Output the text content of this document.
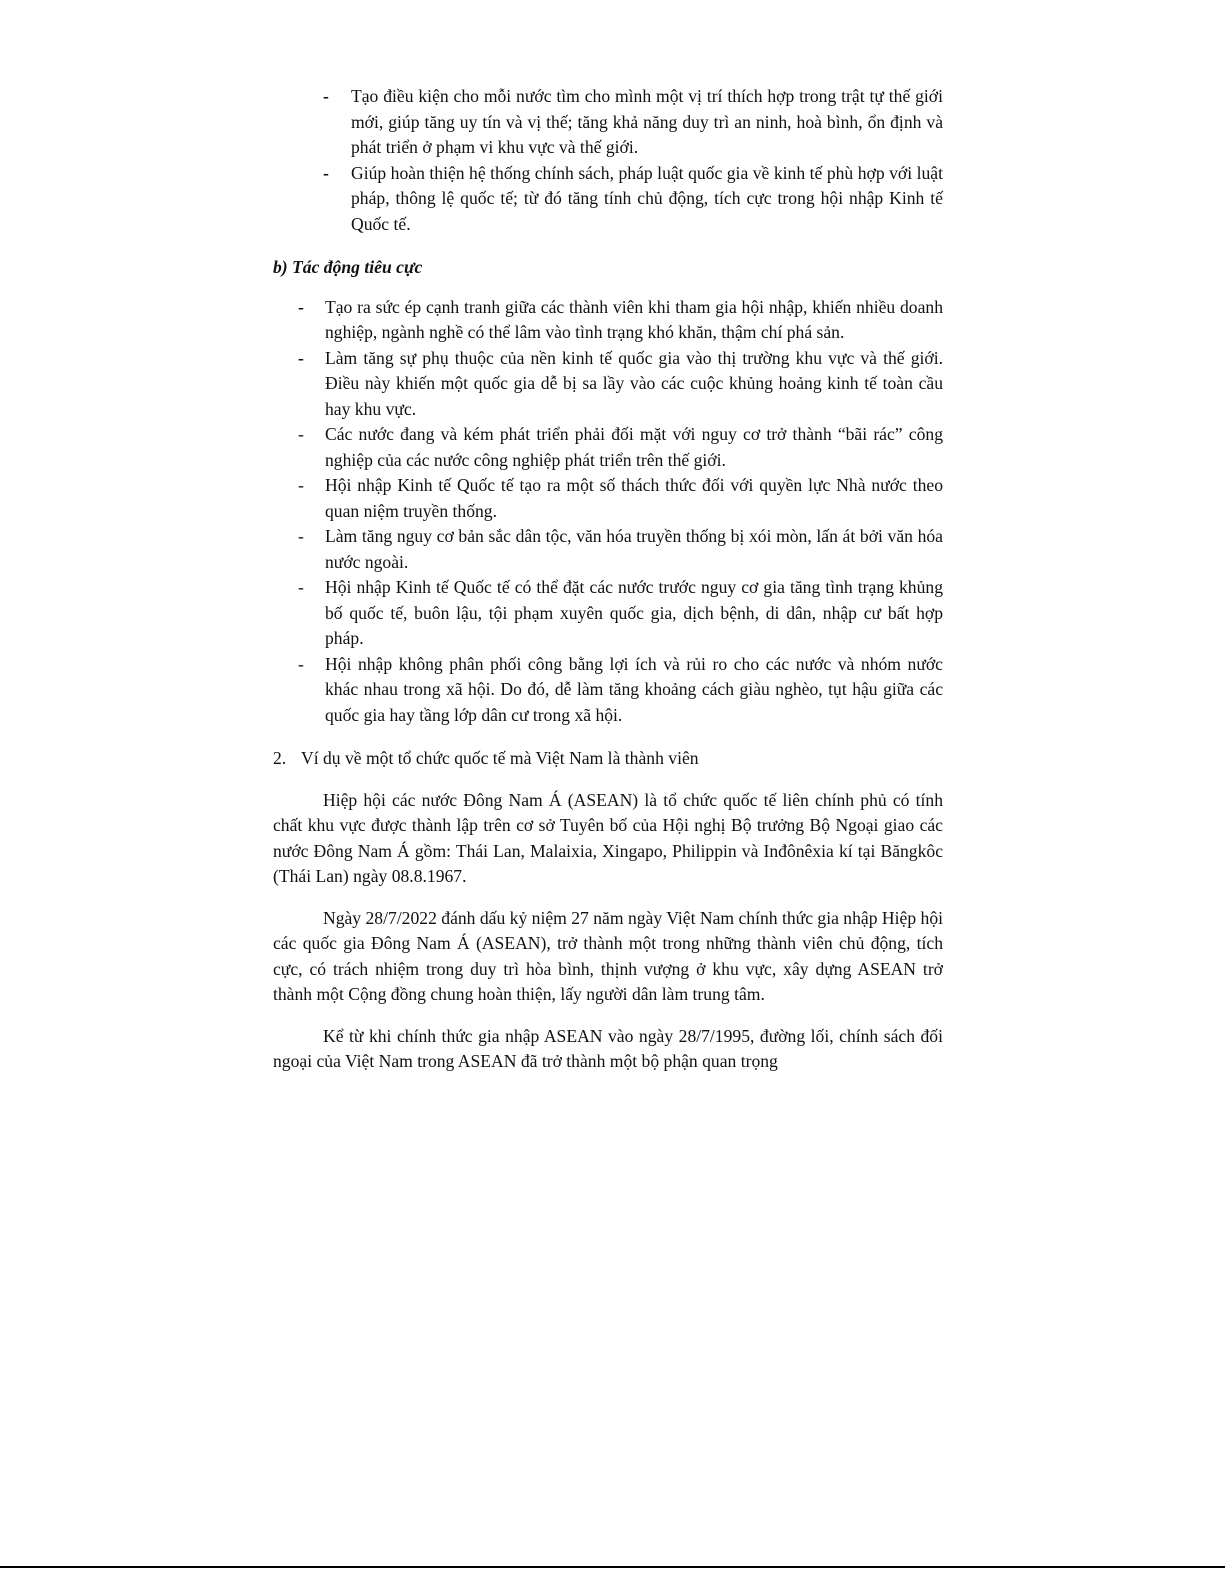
- Tạo điều kiện cho mỗi nước tìm cho mình một vị trí thích hợp trong trật tự thế giới mới, giúp tăng uy tín và vị thế; tăng khả năng duy trì an ninh, hoà bình, ổn định và phát triển ở phạm vi khu vực và thế giới.
- Giúp hoàn thiện hệ thống chính sách, pháp luật quốc gia về kinh tế phù hợp với luật pháp, thông lệ quốc tế; từ đó tăng tính chủ động, tích cực trong hội nhập Kinh tế Quốc tế.
b) Tác động tiêu cực
- Tạo ra sức ép cạnh tranh giữa các thành viên khi tham gia hội nhập, khiến nhiều doanh nghiệp, ngành nghề có thể lâm vào tình trạng khó khăn, thậm chí phá sản.
- Làm tăng sự phụ thuộc của nền kinh tế quốc gia vào thị trường khu vực và thế giới. Điều này khiến một quốc gia dễ bị sa lầy vào các cuộc khủng hoảng kinh tế toàn cầu hay khu vực.
- Các nước đang và kém phát triển phải đối mặt với nguy cơ trở thành “bãi rác” công nghiệp của các nước công nghiệp phát triển trên thế giới.
- Hội nhập Kinh tế Quốc tế tạo ra một số thách thức đối với quyền lực Nhà nước theo quan niệm truyền thống.
- Làm tăng nguy cơ bản sắc dân tộc, văn hóa truyền thống bị xói mòn, lấn át bởi văn hóa nước ngoài.
- Hội nhập Kinh tế Quốc tế có thể đặt các nước trước nguy cơ gia tăng tình trạng khủng bố quốc tế, buôn lậu, tội phạm xuyên quốc gia, dịch bệnh, di dân, nhập cư bất hợp pháp.
- Hội nhập không phân phối công bằng lợi ích và rủi ro cho các nước và nhóm nước khác nhau trong xã hội. Do đó, dễ làm tăng khoảng cách giàu nghèo, tụt hậu giữa các quốc gia hay tầng lớp dân cư trong xã hội.
2. Ví dụ về một tổ chức quốc tế mà Việt Nam là thành viên

Hiệp hội các nước Đông Nam Á (ASEAN) là tổ chức quốc tế liên chính phủ có tính chất khu vực được thành lập trên cơ sở Tuyên bố của Hội nghị Bộ trưởng Bộ Ngoại giao các nước Đông Nam Á gồm: Thái Lan, Malaixia, Xingapo, Philippin và Inđônêxia kí tại Băngkôc (Thái Lan) ngày 08.8.1967.

Ngày 28/7/2022 đánh dấu kỷ niệm 27 năm ngày Việt Nam chính thức gia nhập Hiệp hội các quốc gia Đông Nam Á (ASEAN), trở thành một trong những thành viên chủ động, tích cực, có trách nhiệm trong duy trì hòa bình, thịnh vượng ở khu vực, xây dựng ASEAN trở thành một Cộng đồng chung hoàn thiện, lấy người dân làm trung tâm.

Kể từ khi chính thức gia nhập ASEAN vào ngày 28/7/1995, đường lối, chính sách đối ngoại của Việt Nam trong ASEAN đã trở thành một bộ phận quan trọng
